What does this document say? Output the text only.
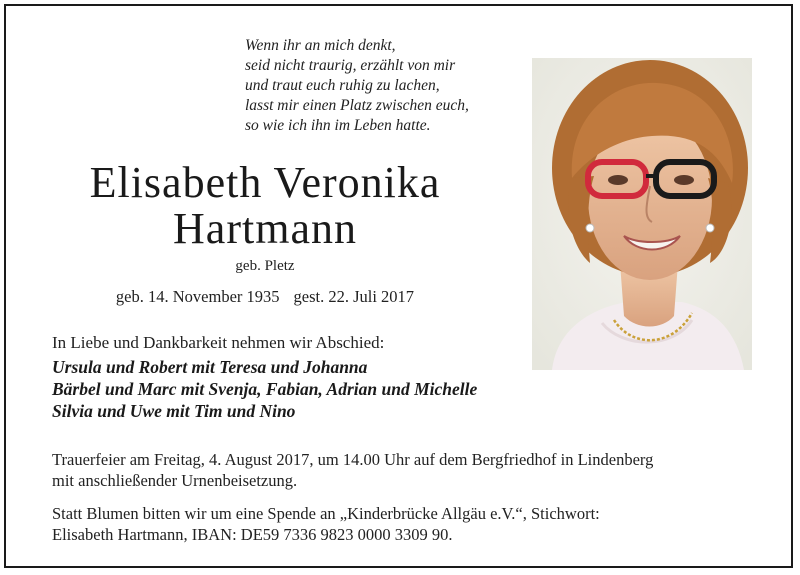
Wenn ihr an mich denkt,
seid nicht traurig, erzählt von mir
und traut euch ruhig zu lachen,
lasst mir einen Platz zwischen euch,
so wie ich ihn im Leben hatte.
Elisabeth Veronika
Hartmann
geb. Pletz
geb. 14. November 1935 gest. 22. Juli 2017
In Liebe und Dankbarkeit nehmen wir Abschied:
Ursula und Robert mit Teresa und Johanna
Bärbel und Marc mit Svenja, Fabian, Adrian und Michelle
Silvia und Uwe mit Tim und Nino
Trauerfeier am Freitag, 4. August 2017, um 14.00 Uhr auf dem Bergfriedhof in Lindenberg
mit anschließender Urnenbeisetzung.
Statt Blumen bitten wir um eine Spende an „Kinderbrücke Allgäu e.V.“, Stichwort:
Elisabeth Hartmann, IBAN: DE59 7336 9823 0000 3309 90.
